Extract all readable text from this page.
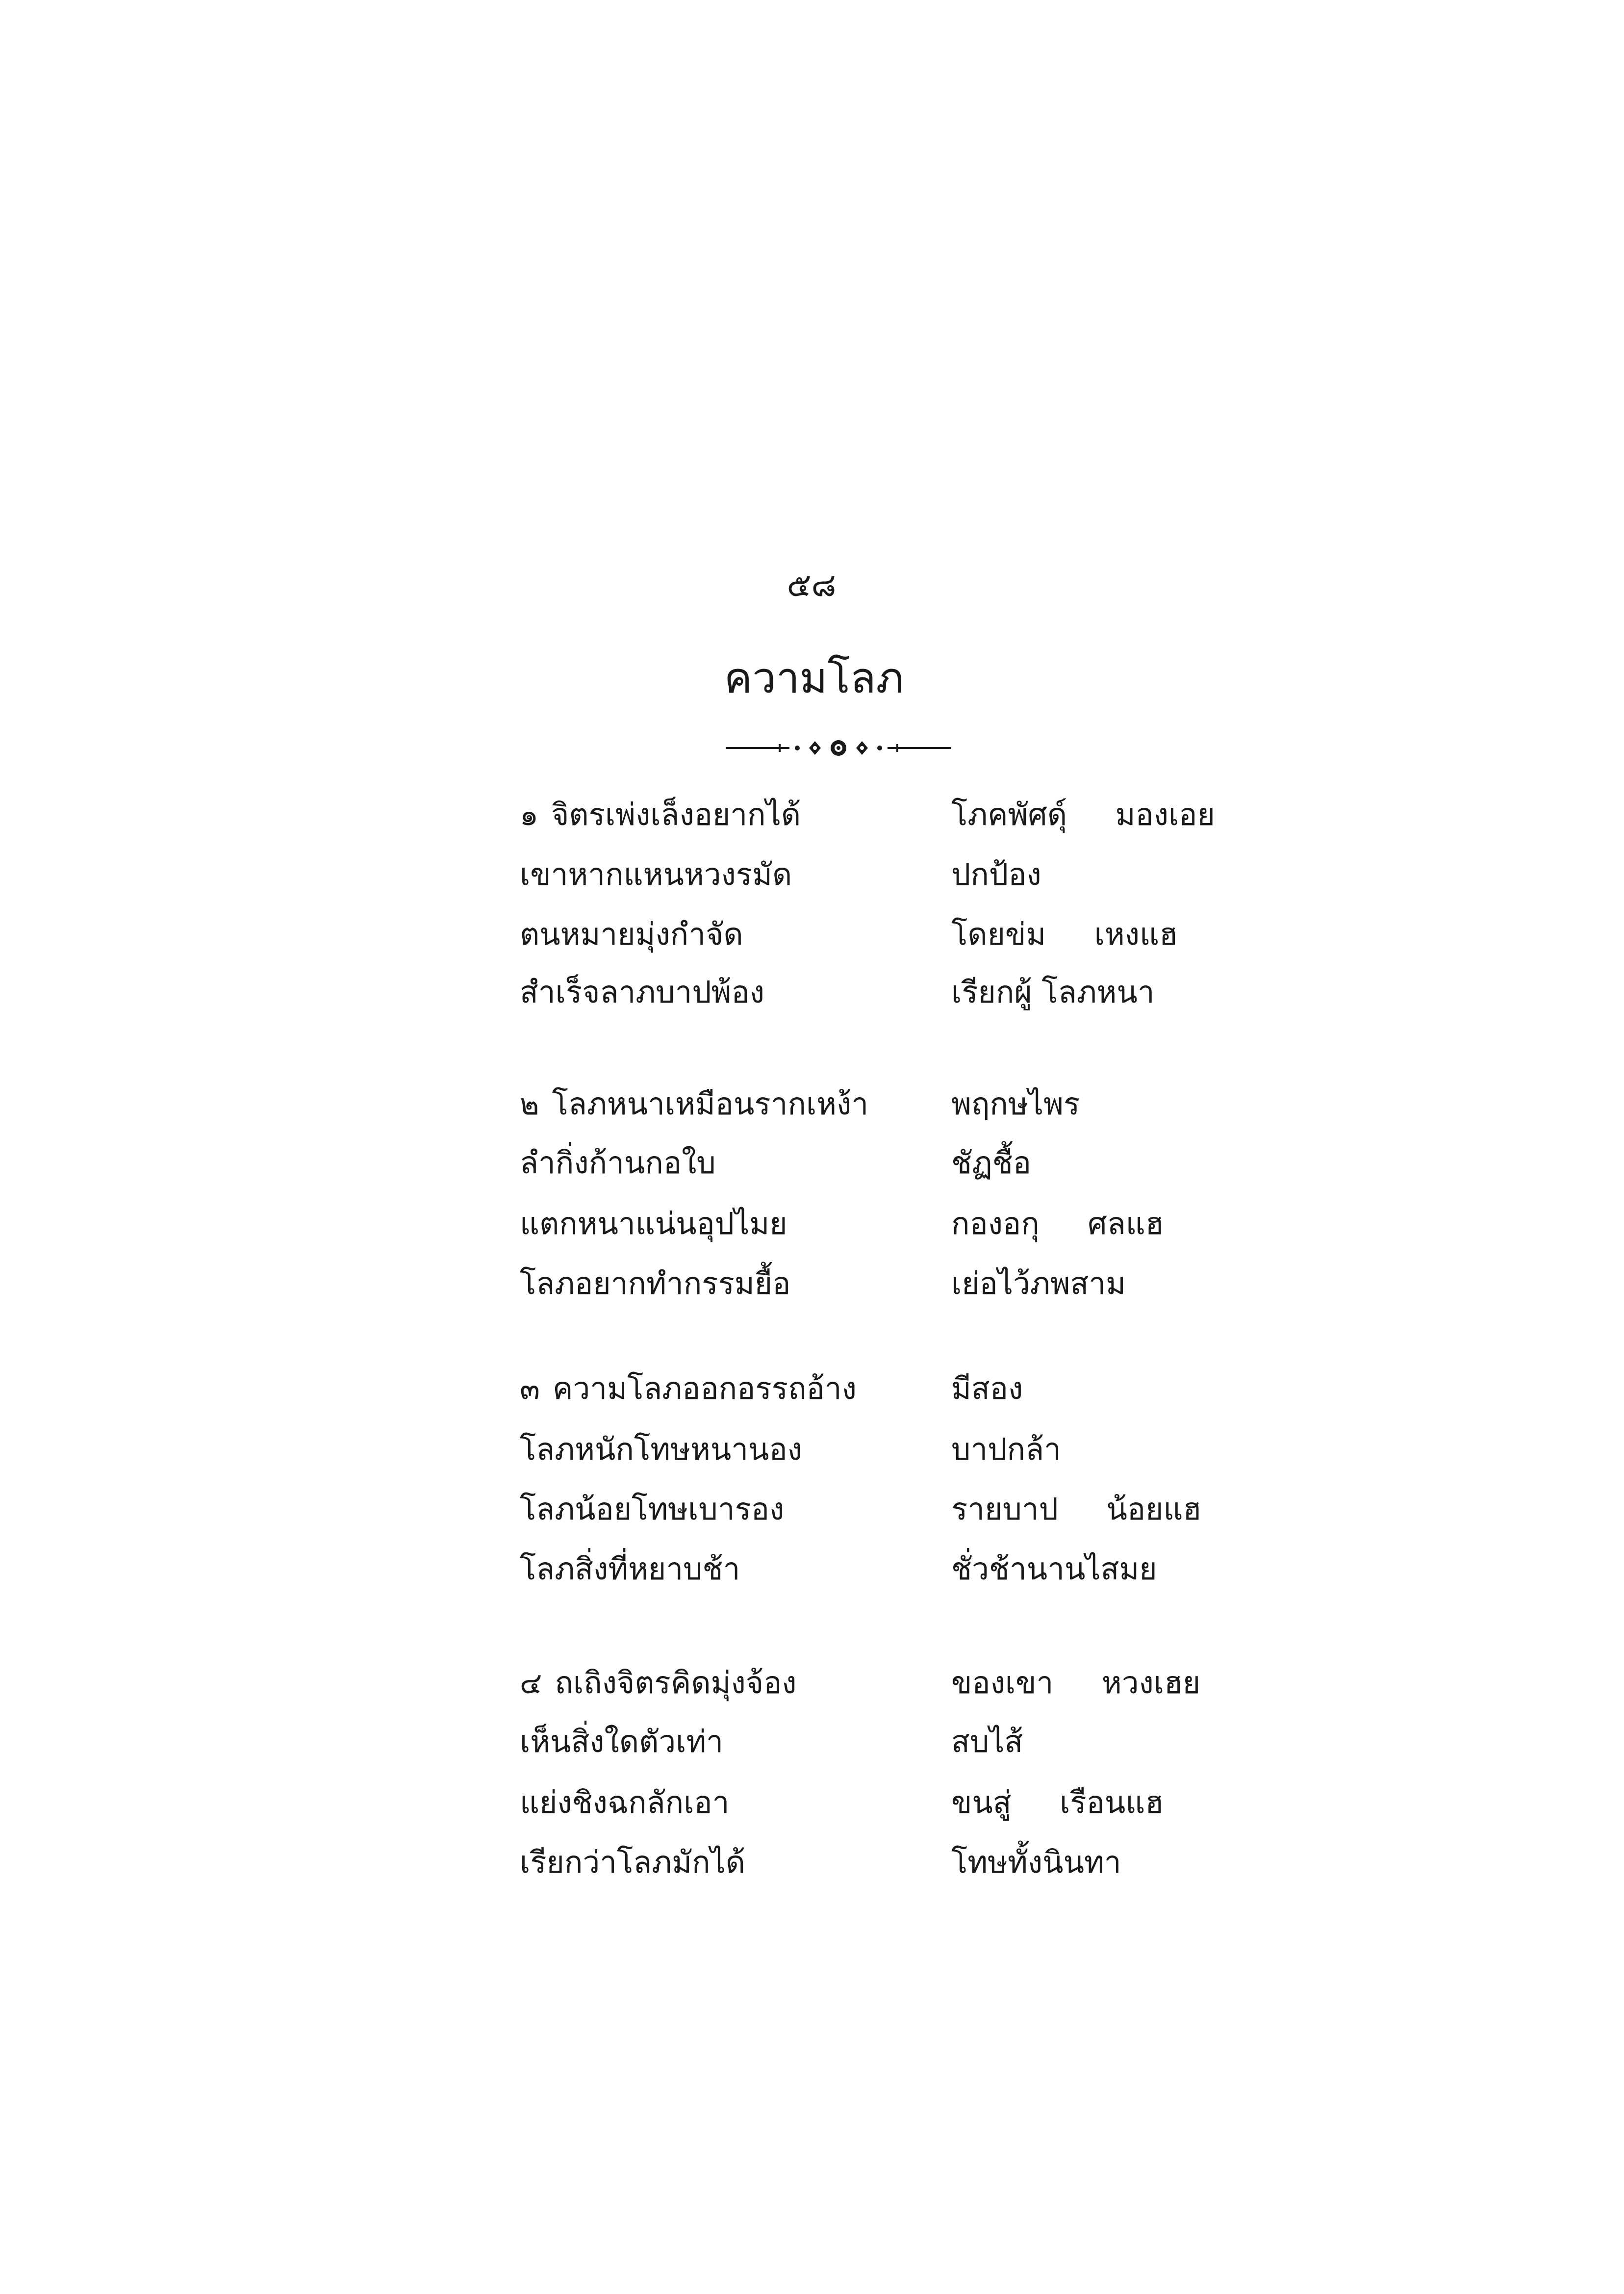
๕๘
ความโลภ
๑ จิตรเพ่งเล็งอยากได้	โภคพัศดุ์     มองเอย
เขาหากแหนหวงรมัด	ปกป้อง
ตนหมายมุ่งกำจัด	โดยข่ม     เหงแฮ
สำเร็จลาภบาปพ้อง	เรียกผู้ โลภหนา
๒ โลภหนาเหมือนรากเหง้า	พฤกษไพร
ลำกิ่งก้านกอใบ	ชัฏชื้อ
แตกหนาแน่นอุปไมย	กองอกุ     ศลแฮ
โลภอยากทำกรรมยื้อ	เย่อไว้ภพสาม
๓ ความโลภออกอรรถอ้าง	มีสอง
โลภหนักโทษหนานอง	บาปกล้า
โลภน้อยโทษเบารอง	รายบาป     น้อยแฮ
โลภสิ่งที่หยาบช้า	ชั่วช้านานไสมย
๔ ถเถิงจิตรคิดมุ่งจ้อง	ของเขา     หวงเฮย
เห็นสิ่งใดตัวเท่า	สบไส้
แย่งชิงฉกลักเอา	ขนสู่     เรือนแฮ
เรียกว่าโลภมักได้	โทษทั้งนินทา
